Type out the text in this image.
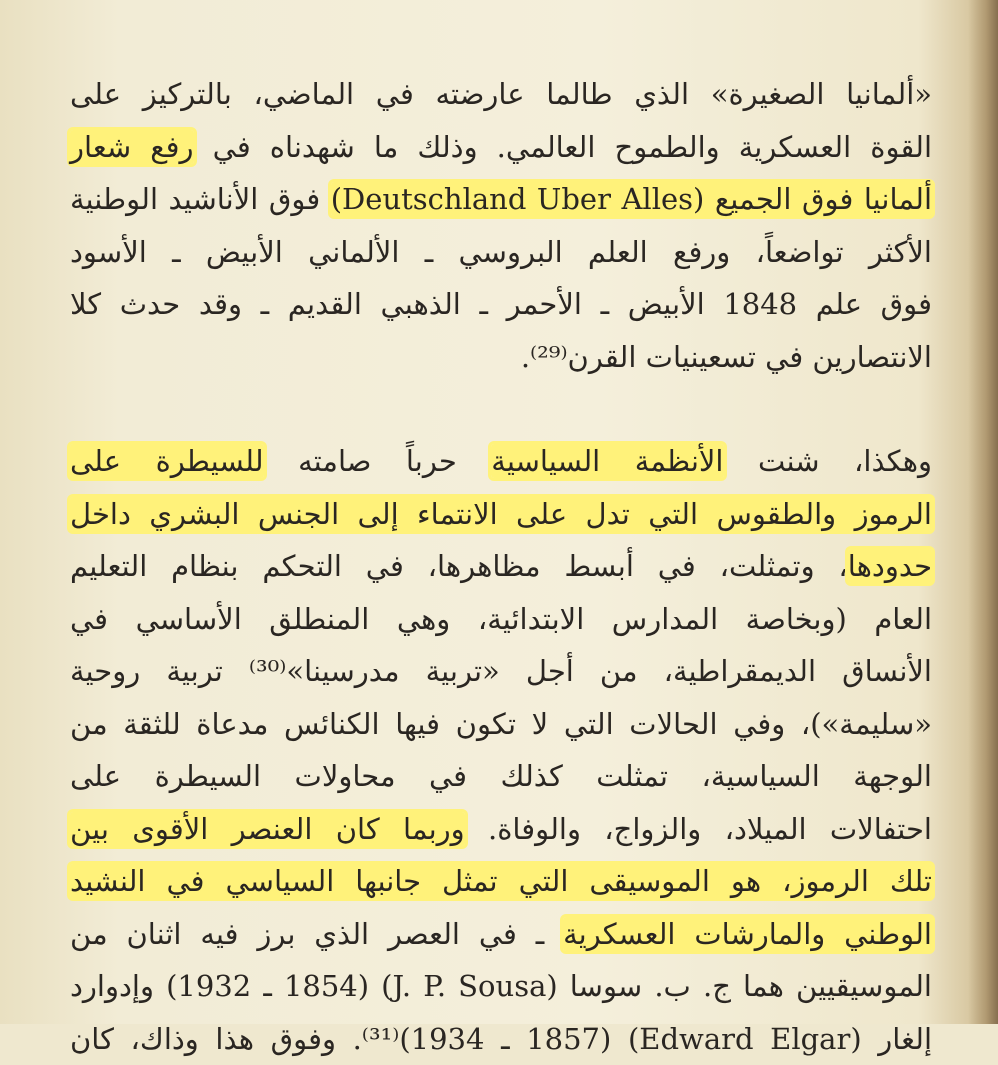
«ألمانيا الصغيرة» الذي طالما عارضته في الماضي، بالتركيز على
القوة العسكرية والطموح العالمي. وذلك ما شهدناه في رفع شعار
ألمانيا فوق الجميع (Deutschland Uber Alles) فوق الأناشيد الوطنية
الأكثر تواضعاً، ورفع العلم البروسي ـ الألماني الأبيض ـ الأسود
فوق علم 1848 الأبيض ـ الأحمر ـ الذهبي القديم ـ وقد حدث كلا
الانتصارين في تسعينيات القرن⁽²⁹⁾.
وهكذا، شنت الأنظمة السياسية حرباً صامته للسيطرة على
الرموز والطقوس التي تدل على الانتماء إلى الجنس البشري داخل
حدودها، وتمثلت، في أبسط مظاهرها، في التحكم بنظام التعليم
العام (وبخاصة المدارس الابتدائية، وهي المنطلق الأساسي في
الأنساق الديمقراطية، من أجل «تربية مدرسينا»⁽³⁰⁾ تربية روحية
«سليمة»)، وفي الحالات التي لا تكون فيها الكنائس مدعاة للثقة من
الوجهة السياسية، تمثلت كذلك في محاولات السيطرة على
احتفالات الميلاد، والزواج، والوفاة. وربما كان العنصر الأقوى بين
تلك الرموز، هو الموسيقى التي تمثل جانبها السياسي في النشيد
الوطني والمارشات العسكرية ـ في العصر الذي برز فيه اثنان من
الموسيقيين هما ج. ب. سوسا (J. P. Sousa) (1854 ـ 1932) وإدوارد
إلغار (Edward Elgar) (1857 ـ 1934)⁽³¹⁾. وفوق هذا وذاك، كان
